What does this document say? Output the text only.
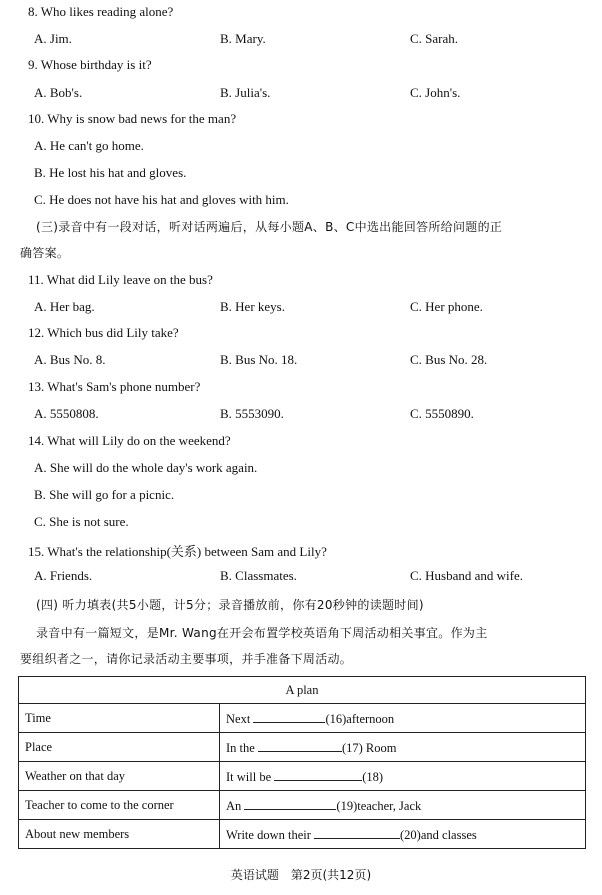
8. Who likes reading alone?
A. Jim.	B. Mary.	C. Sarah.
9. Whose birthday is it?
A. Bob's.	B. Julia's.	C. John's.
10. Why is snow bad news for the man?
A. He can't go home.
B. He lost his hat and gloves.
C. He does not have his hat and gloves with him.
(三)录音中有一段对话，听对话两遍后，从每小题A、B、C中选出能回答所给问题的正
确答案。
11. What did Lily leave on the bus?
A. Her bag.	B. Her keys.	C. Her phone.
12. Which bus did Lily take?
A. Bus No. 8.	B. Bus No. 18.	C. Bus No. 28.
13. What's Sam's phone number?
A. 5550808.	B. 5553090.	C. 5550890.
14. What will Lily do on the weekend?
A. She will do the whole day's work again.
B. She will go for a picnic.
C. She is not sure.
15. What's the relationship(关系) between Sam and Lily?
A. Friends.	B. Classmates.	C. Husband and wife.
(四) 听力填表(共5小题，计5分；录音播放前，你有20秒钟的读题时间)
录音中有一篇短文，是Mr. Wang在开会布置学校英语角下周活动相关事宜。作为主
要组织者之一，请你记录活动主要事项，并手准备下周活动。
A plan	
Time	Next (16)afternoon
Place	In the (17) Room
Weather on that day	It will be (18)
Teacher to come to the corner	An (19)teacher, Jack
About new members	Write down their (20)and classes
英语试题　第2页(共12页)
